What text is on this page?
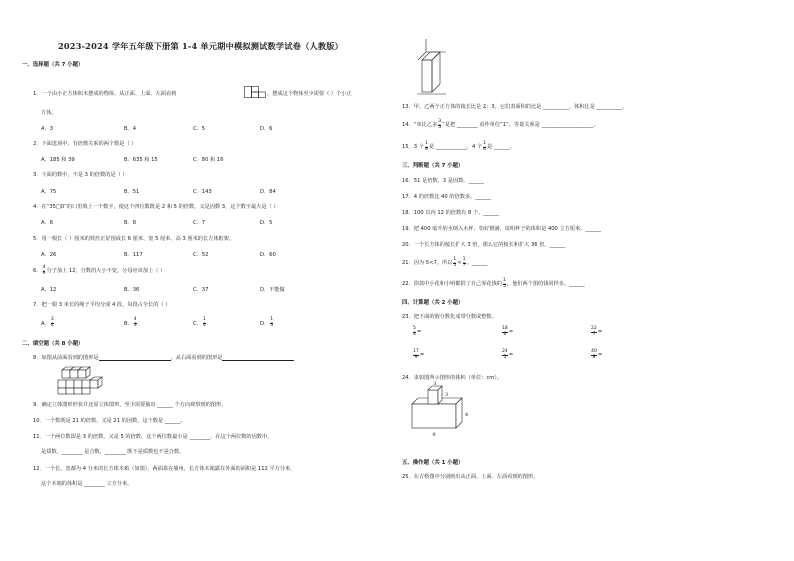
2023-2024 学年五年级下册第 1-4 单元期中模拟测试数学试卷（人教版）
一、选择题（共 7 小题）
1．一个由小正方体积木摆成的物体，从正面、上面、左面看到	，摆成这个物体至少需要（ ）个小正
方体。
A．3	B．4	C．5	D．6
2．下面选项中，有倍数关系的两个数是（ ）
A．185 和 39	B．635 和 15	C．80 和 16
3．下面的数中，不是 3 的倍数的是（ ）
A．75	B．51	C．143	D．84
4．在“35□0”的口里填上一个数字，使这个四位数既是 2 和 5 的倍数，又是因数 3，这个数字最大是（ ）
A．6	B．8	C．7	D．5
5．用一根长（ ）厘米的铁丝正好围成长 6 厘米、宽 5 厘米、高 3 厘米的长方体框架。
A．26	B．117	C．52	D．60
6． $\frac{4}{9}$ 分子加上 12，分数的大小不变，分母应该加上（ ）
A．12	B．36	C．37	D．不能做
7．把一根 3 米长的绳子平均分成 4 段，每段占全长的（ ）
A． $\frac{3}{4}$	B． $\frac{4}{3}$	C． $\frac{1}{4}$	D． $\frac{1}{3}$
二、填空题（共 8 小题）
8．如图从前面看到的图形是	，从右面看到的图形是
9．确定立体图形形状并还原立体图形，至少需要抽出 ______ 个方向观察到的图形。
10．一个数既是 21 的倍数，又是 21 的因数，这个数是 ______。
11．一个两位数即是 3 的倍数，又是 5 的倍数，这个两位数最小是 ________，在这个两位数的因数中，
是质数，________ 是合数，________ 既不是质数也不是合数。
12．一个长、宽都为 4 分米的长方体木箱（如图），两面靠在墙角，长方体木箱露在外面的面积是 112 平方分米，
这个木箱的体积是 ________ 立方分米。
13．甲、乙两个正方体的棱长比是 2：3，它们表面积的比是 __________，体积比是 __________。
14．“单比乙多 $\frac{3}{5}$ ”是把 ________ 看作单位“1”，等量关系是 ____________________。
15．3 个 $\frac{1}{8}$ 是 ____________，4 个 $\frac{1}{4}$ 是 ______。
三、判断题（共 7 小题）
16．51 是倍数，3 是因数。______
17．4 的倍数比 40 的倍数多。______
18．100 以内 12 的倍数有 8 个。______
19．把 400 毫升的水倒入水杯，恰好倒满，说明杯子的体积是 400 立方厘米。______
20．一个长方体的棱长扩大 3 倍，那么它的棱长和扩大 36 倍。______
21．因为 5<7，所以 $\frac{1}{5} < \frac{1}{7}$ 。______
22．捐款中小花和小明都捐了自己零花钱的 $\frac{1}{5}$ ，他们两个捐的钱同样多。______
四、计算题（共 2 小题）
23．把下面的假分数化成带分数或整数。
$\frac{5}{4}$ =	$\frac{18}{6}$ =	$\frac{22}{7}$ =
$\frac{17}{9}$ =	$\frac{24}{5}$ =	$\frac{40}{8}$ =
24．求如图所示图形的体积（单位：cm）。
3
3
4
9
五、操作题（共 1 小题）
25．在方格图中分别画出从正面、上面、左面看到的图形。
